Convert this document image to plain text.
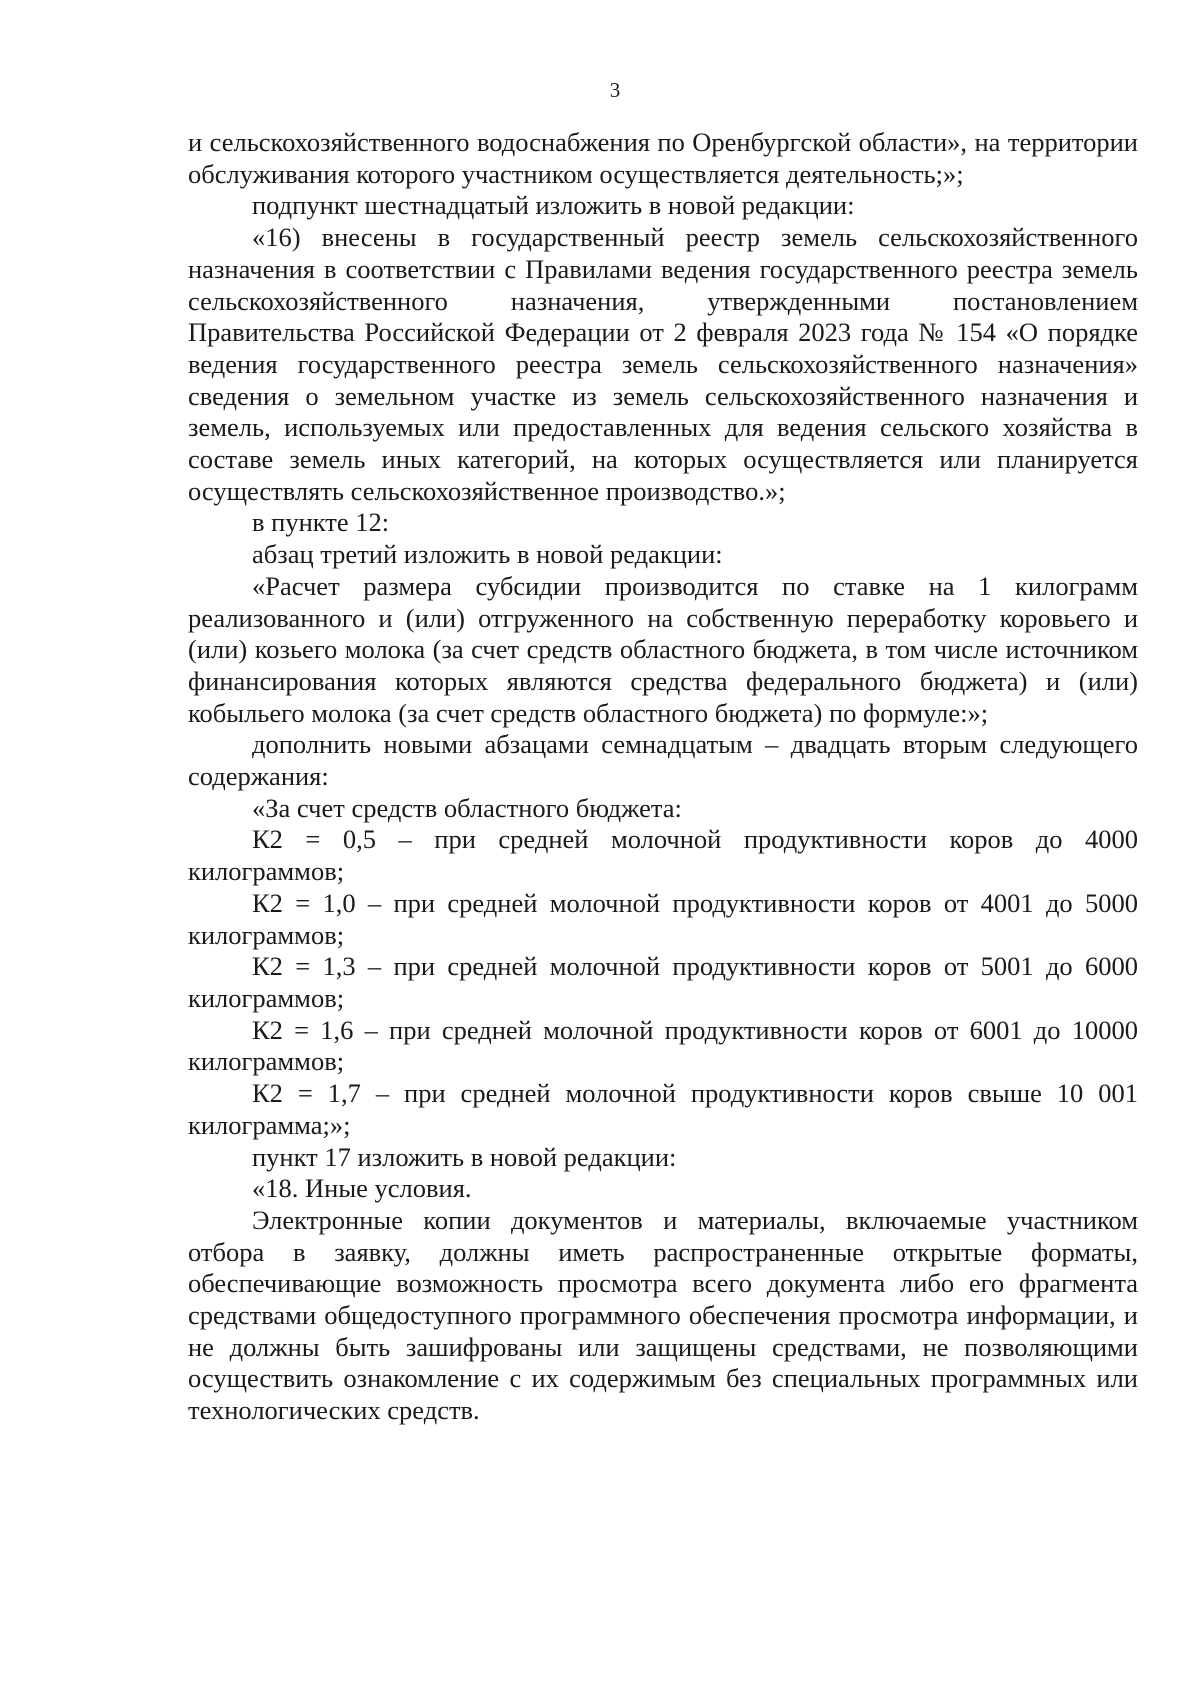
3

и сельскохозяйственного водоснабжения по Оренбургской области», на территории обслуживания которого участником осуществляется деятельность;»;

подпункт шестнадцатый изложить в новой редакции:

«16) внесены в государственный реестр земель сельскохозяйственного назначения в соответствии с Правилами ведения государственного реестра земель сельскохозяйственного назначения, утвержденными постановлением Правительства Российской Федерации от 2 февраля 2023 года № 154 «О порядке ведения государственного реестра земель сельскохозяйственного назначения» сведения о земельном участке из земель сельскохозяйственного назначения и земель, используемых или предоставленных для ведения сельского хозяйства в составе земель иных категорий, на которых осуществляется или планируется осуществлять сельскохозяйственное производство.»;

в пункте 12:

абзац третий изложить в новой редакции:

«Расчет размера субсидии производится по ставке на 1 килограмм реализованного и (или) отгруженного на собственную переработку коровьего и (или) козьего молока (за счет средств областного бюджета, в том числе источником финансирования которых являются средства федерального бюджета) и (или) кобыльего молока (за счет средств областного бюджета) по формуле:»;

дополнить новыми абзацами семнадцатым – двадцать вторым следующего содержания:

«За счет средств областного бюджета:

К2 = 0,5 – при средней молочной продуктивности коров до 4000 килограммов;

К2 = 1,0 – при средней молочной продуктивности коров от 4001 до 5000 килограммов;

К2 = 1,3 – при средней молочной продуктивности коров от 5001 до 6000 килограммов;

К2 = 1,6 – при средней молочной продуктивности коров от 6001 до 10000 килограммов;

К2 = 1,7 – при средней молочной продуктивности коров свыше 10 001 килограмма;»;

пункт 17 изложить в новой редакции:

«18. Иные условия.

Электронные копии документов и материалы, включаемые участником отбора в заявку, должны иметь распространенные открытые форматы, обеспечивающие возможность просмотра всего документа либо его фрагмента средствами общедоступного программного обеспечения просмотра информации, и не должны быть зашифрованы или защищены средствами, не позволяющими осуществить ознакомление с их содержимым без специальных программных или технологических средств.
